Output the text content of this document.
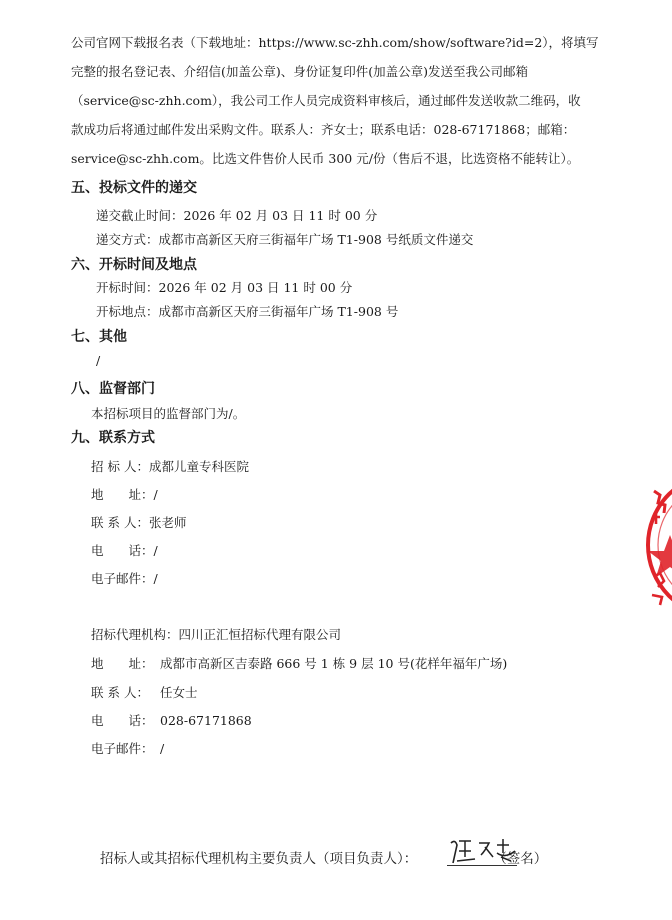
公司官网下载报名表（下载地址：https://www.sc-zhh.com/show/software?id=2），将填写
完整的报名登记表、介绍信(加盖公章)、身份证复印件(加盖公章)发送至我公司邮箱
（service@sc-zhh.com），我公司工作人员完成资料审核后，通过邮件发送收款二维码，收
款成功后将通过邮件发出采购文件。联系人：齐女士；联系电话：028-67171868；邮箱：
service@sc-zhh.com。比选文件售价人民币 300 元/份（售后不退，比选资格不能转让）。
五、投标文件的递交
递交截止时间：2026 年 02 月 03 日 11 时 00 分
递交方式：成都市高新区天府三街福年广场 T1-908 号纸质文件递交
六、开标时间及地点
开标时间：2026 年 02 月 03 日 11 时 00 分
开标地点：成都市高新区天府三街福年广场 T1-908 号
七、其他
/
八、监督部门
本招标项目的监督部门为/。
九、联系方式
招 标 人：成都儿童专科医院
地　　址：/
联 系 人：张老师
电　　话：/
电子邮件：/
招标代理机构：四川正汇恒招标代理有限公司
地　　址： 成都市高新区吉泰路 666 号 1 栋 9 层 10 号(花样年福年广场)
联 系 人： 任女士
电　　话： 028-67171868
电子邮件： /
招标人或其招标代理机构主要负责人（项目负责人）：	（签名）
